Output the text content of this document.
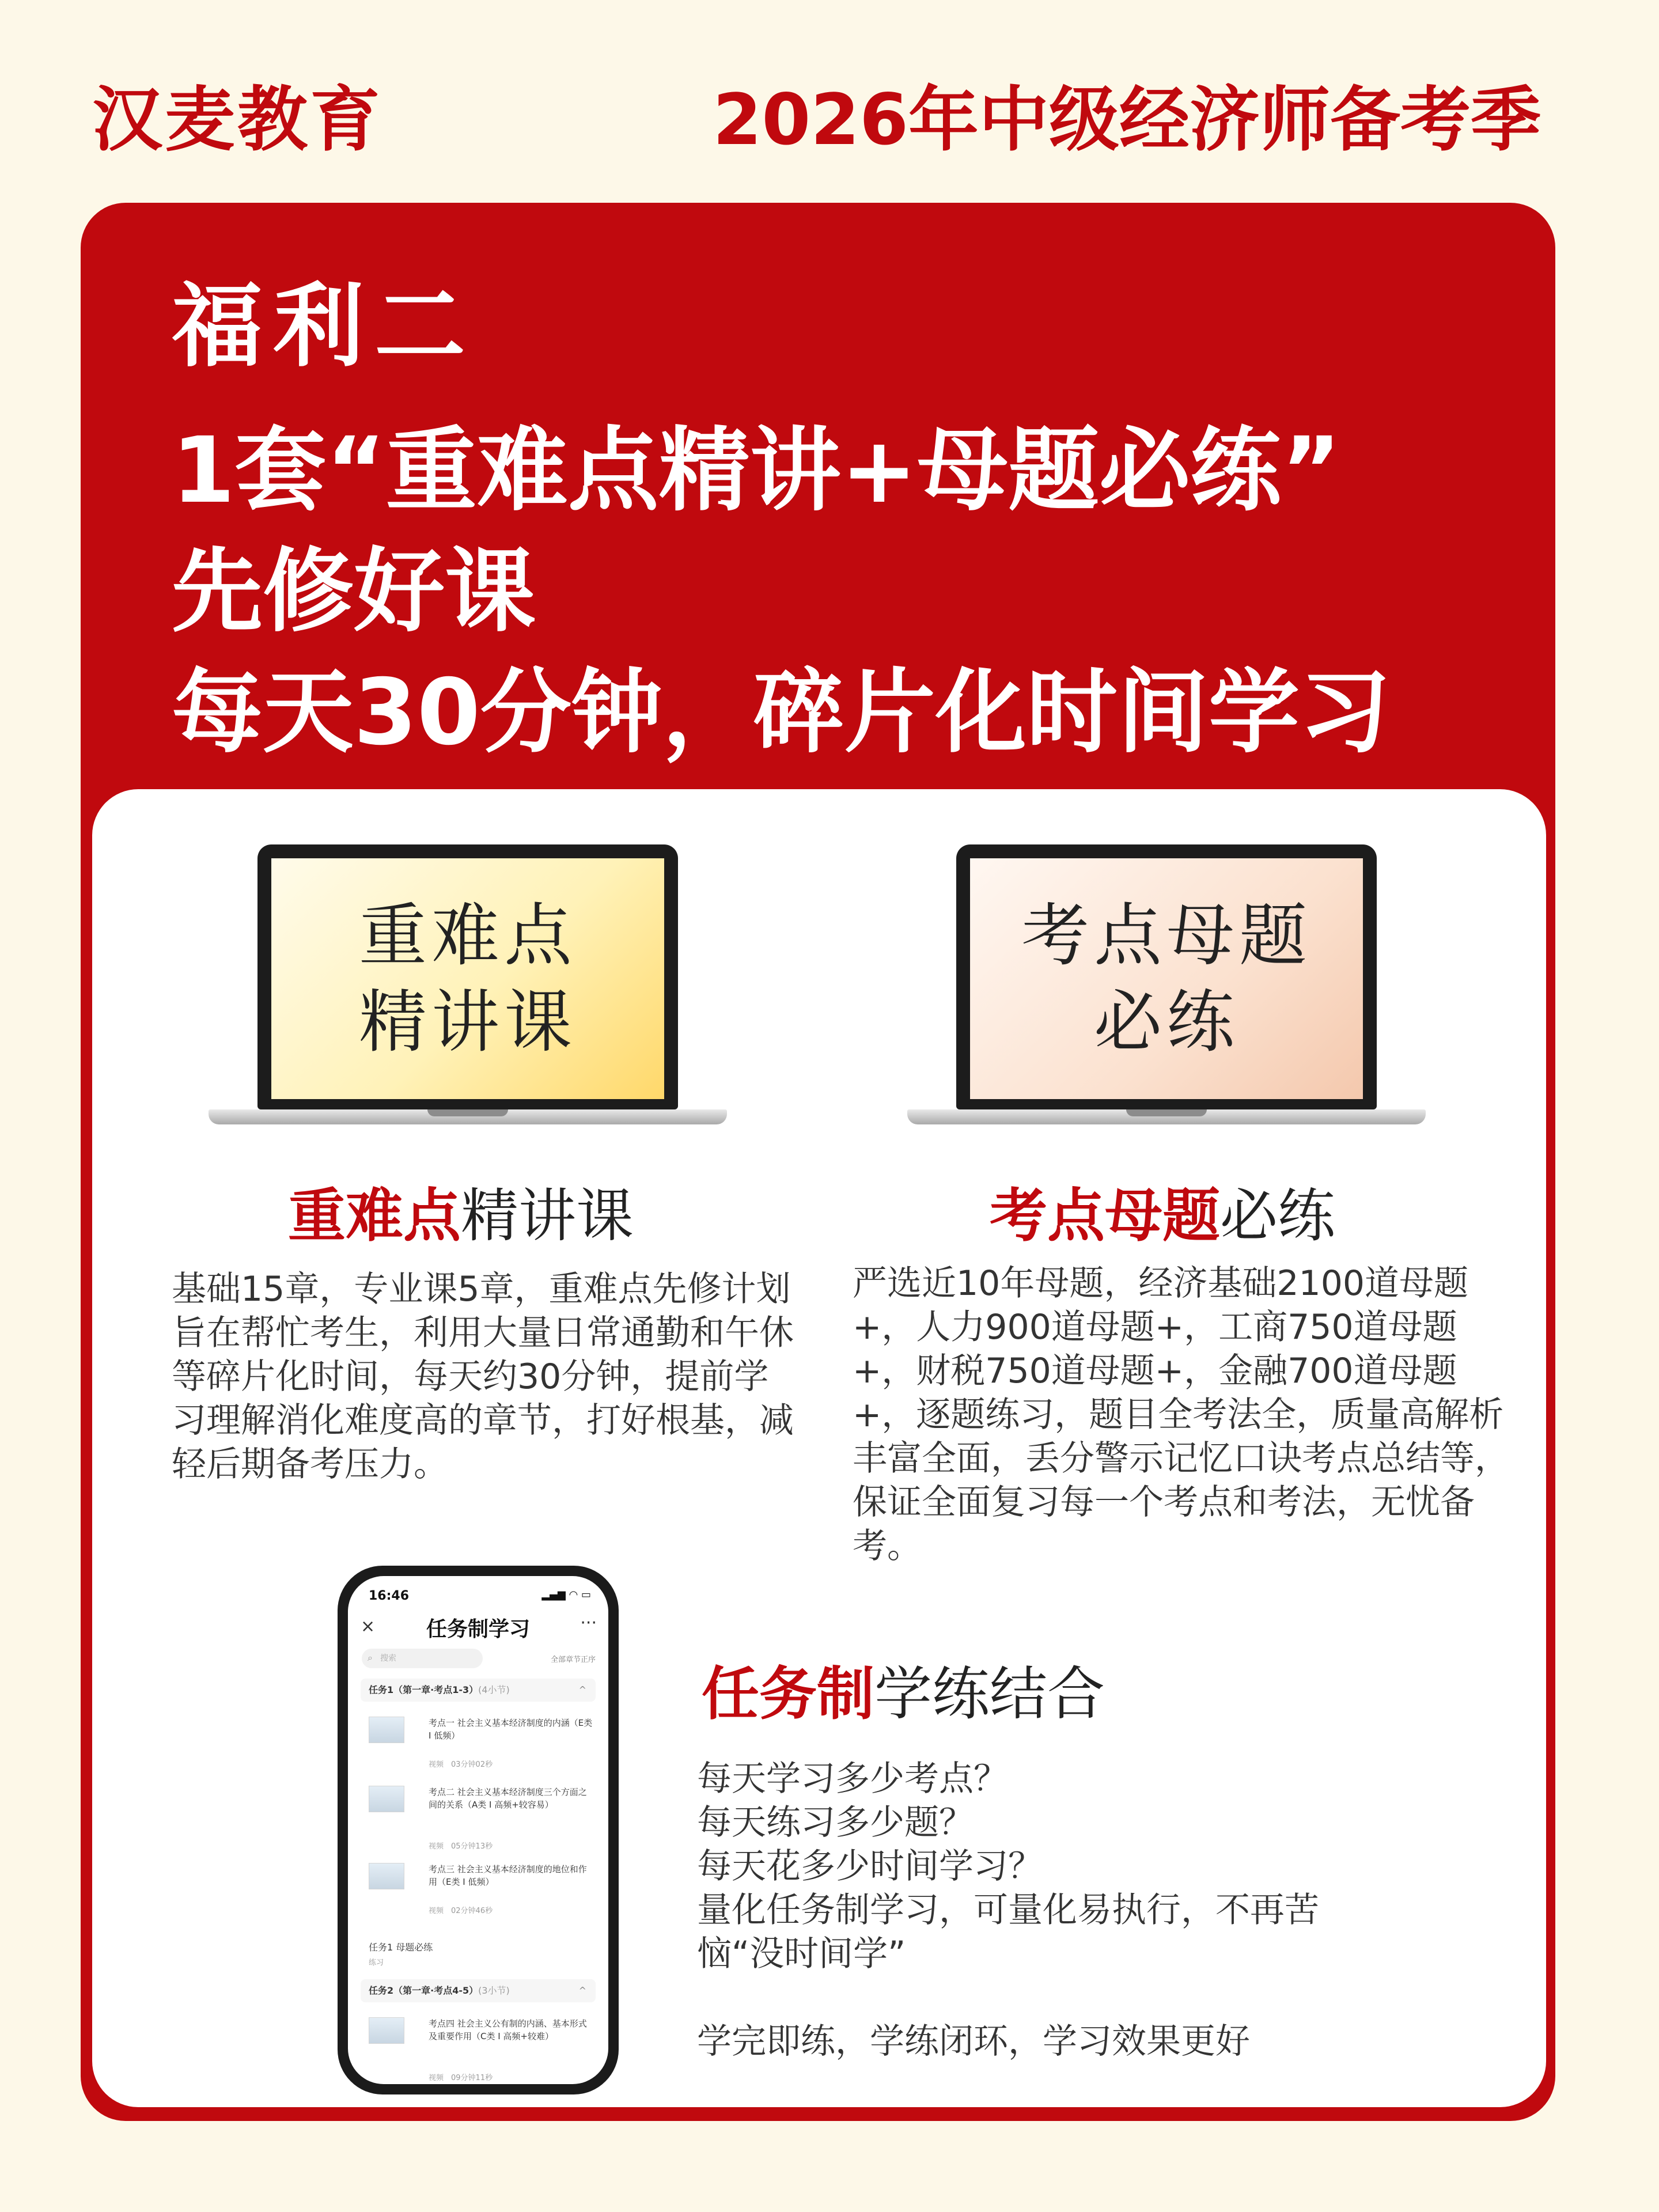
汉麦教育	2026年中级经济师备考季
福利二
1套“重难点精讲+母题必练”
先修好课
每天30分钟，碎片化时间学习
重难点
精讲课
考点母题
必练
重难点精讲课	考点母题必练
基础15章，专业课5章，重难点先修计划旨在帮忙考生，利用大量日常通勤和午休等碎片化时间，每天约30分钟，提前学习理解消化难度高的章节，打好根基，减轻后期备考压力。
严选近10年母题，经济基础2100道母题+，人力900道母题+，工商750道母题+，财税750道母题+，金融700道母题+，逐题练习，题目全考法全，质量高解析丰富全面，丢分警示记忆口诀考点总结等，保证全面复习每一个考点和考法，无忧备考。
16:46	▂▄▆ ◠ ▭
×	任务制学习	···
搜索
⌕	全部章节正序
任务1（第一章·考点1-3）(4小节)	^
考点一 社会主义基本经济制度的内涵（E类 I 低频）
视频　03分钟02秒
考点二 社会主义基本经济制度三个方面之间的关系（A类 I 高频+较容易）
视频　05分钟13秒
考点三 社会主义基本经济制度的地位和作用（E类 I 低频）
视频　02分钟46秒
任务1 母题必练
练习
任务2（第一章·考点4-5）(3小节)	^
考点四 社会主义公有制的内涵、基本形式及重要作用（C类 I 高频+较难）
视频　09分钟11秒
任务制学练结合
每天学习多少考点？
每天练习多少题？
每天花多少时间学习？
量化任务制学习，可量化易执行，不再苦恼“没时间学”

学完即练，学练闭环，学习效果更好
